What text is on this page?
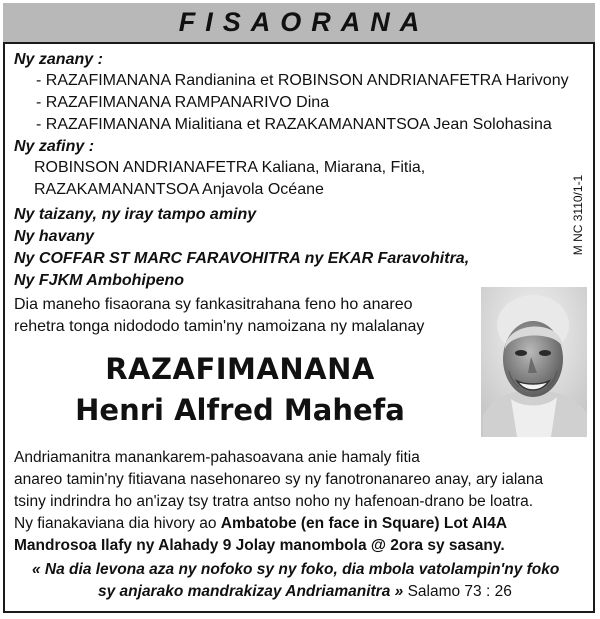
FISAORANA
M NC 3110/1-1
Ny zanany :
- RAZAFIMANANA Randianina et ROBINSON ANDRIANAFETRA Harivony
- RAZAFIMANANA RAMPANARIVO Dina
- RAZAFIMANANA Mialitiana et RAZAKAMANANTSOA Jean Solohasina
Ny zafiny :
ROBINSON ANDRIANAFETRA Kaliana, Miarana, Fitia,
RAZAKAMANANTSOA Anjavola Océane
Ny taizany, ny iray tampo aminy
Ny havany
Ny COFFAR ST MARC FARAVOHITRA ny EKAR Faravohitra,
Ny FJKM Ambohipeno
Dia maneho fisaorana sy fankasitrahana feno ho anareo
rehetra tonga nidododo tamin'ny namoizana ny malalanay
Andriamanitra manankarem-pahasoavana anie hamaly fitia
anareo tamin'ny fitiavana nasehonareo sy ny fanotronanareo anay, ary ialana
tsiny indrindra ho an'izay tsy tratra antso noho ny hafenoan-drano be loatra.
Ny fianakaviana dia hivory ao Ambatobe (en face in Square) Lot AI4A
Mandrosoa Ilafy ny Alahady 9 Jolay manombola @ 2ora sy sasany.
« Na dia levona aza ny nofoko sy ny foko, dia mbola vatolampin'ny foko
sy anjarako mandrakizay Andriamanitra » Salamo 73 : 26
RAZAFIMANANA
Henri Alfred Mahefa
